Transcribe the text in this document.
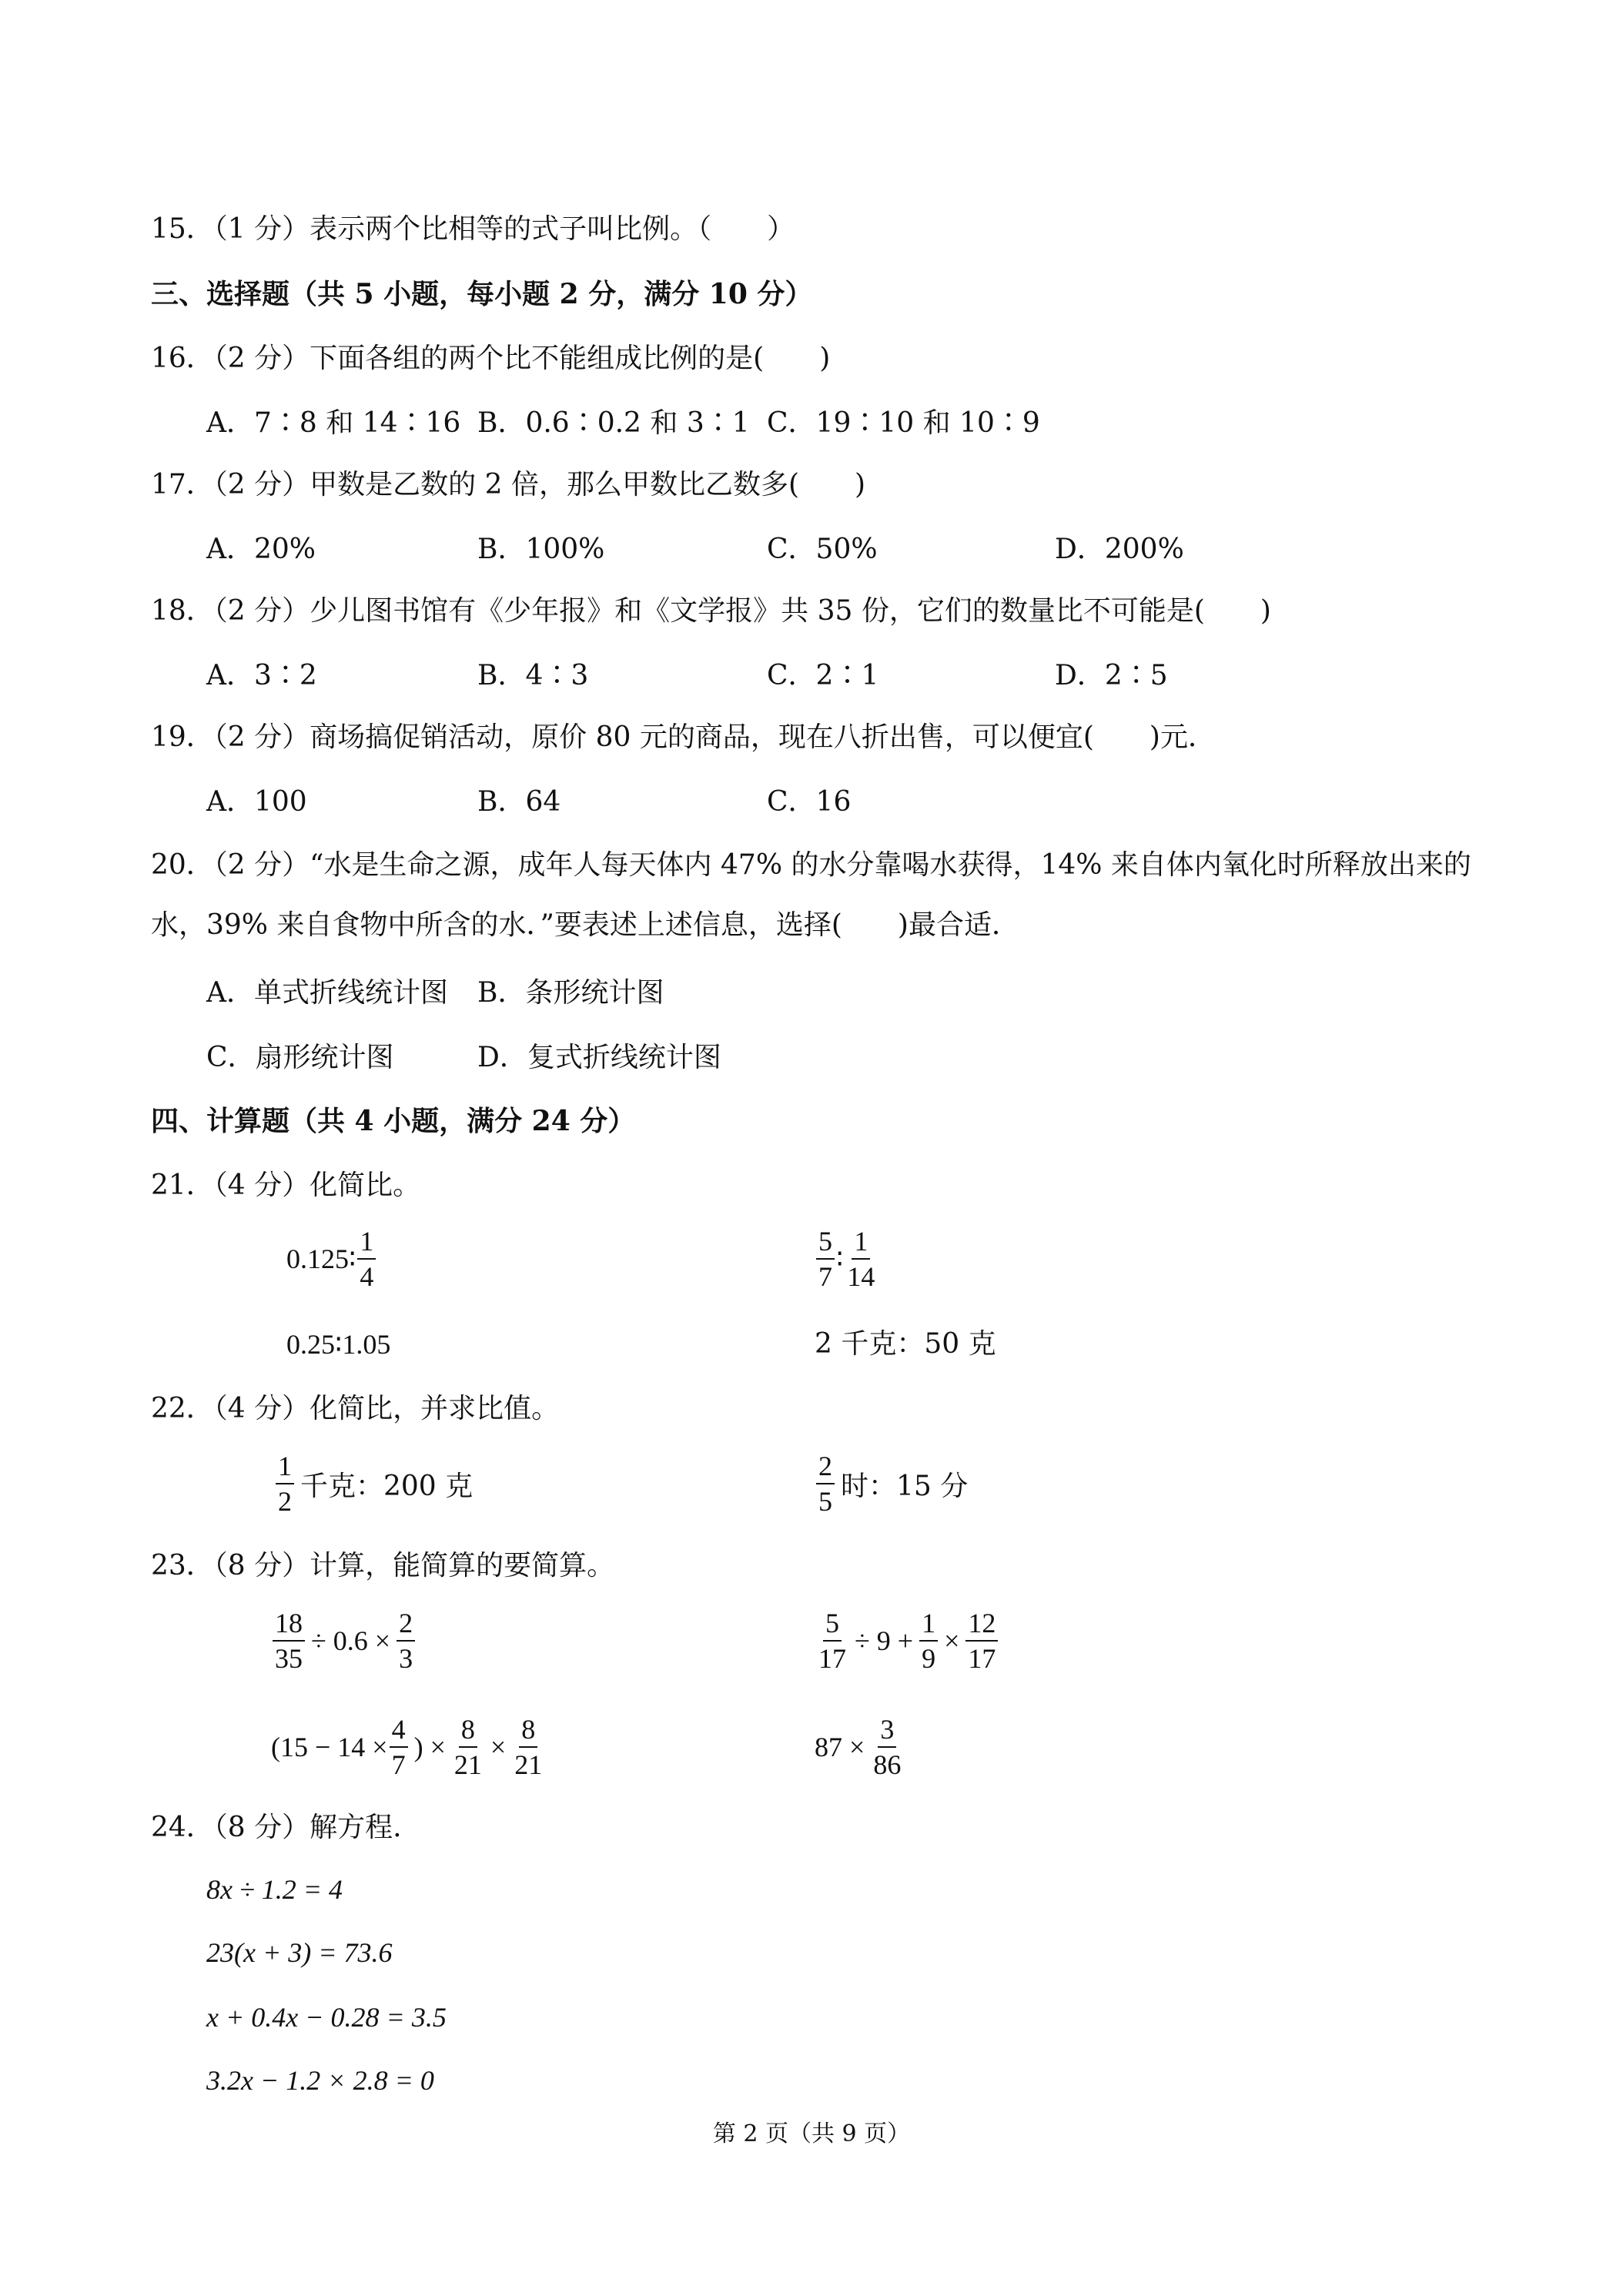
15．（1 分）表示两个比相等的式子叫比例。（　　）
三、选择题（共 5 小题，每小题 2 分，满分 10 分）
16．（2 分）下面各组的两个比不能组成比例的是(　　)
A．7∶8 和 14∶16 B．0.6∶0.2 和 3∶1 C．19∶10 和 10∶9
17．（2 分）甲数是乙数的 2 倍，那么甲数比乙数多(　　)
A．20%	B．100%	C．50%	D．200%
18．（2 分）少儿图书馆有《少年报》和《文学报》共 35 份，它们的数量比不可能是(　　)
A．3∶2	B．4∶3	C．2∶1	D．2∶5
19．（2 分）商场搞促销活动，原价 80 元的商品，现在八折出售，可以便宜(　　)元．
A．100	B．64	C．16
20．（2 分）“水是生命之源，成年人每天体内 47% 的水分靠喝水获得，14% 来自体内氧化时所释放出来的
水，39% 来自食物中所含的水．”要表述上述信息，选择(　　)最合适．
A．单式折线统计图 B．条形统计图
C．扇形统计图	D．复式折线统计图
四、计算题（共 4 小题，满分 24 分）
21．（4 分）化简比。
0.125∶ $\frac{1}{4}$	$\frac{5}{7}$ ∶ $\frac{1}{14}$
0.25∶1.05	2 千克：50 克
22．（4 分）化简比，并求比值。
$\frac{1}{2}$ 千克：200 克	$\frac{2}{5}$ 时：15 分
23．（8 分）计算，能简算的要简算。
$\frac{18}{35} \div 0.6 \times \frac{2}{3}$	$\frac{5}{17} \div 9 + \frac{1}{9} \times \frac{12}{17}$
($15 - 14 \times \frac{4}{7}$ ) × $\frac{8}{21} \times \frac{8}{21}$	$87 \times \frac{3}{86}$
24．（8 分）解方程.
8x ÷ 1.2 = 4
23(x + 3) = 73.6
x + 0.4x − 0.28 = 3.5
3.2x − 1.2 × 2.8 = 0
第 2 页（共 9 页）
